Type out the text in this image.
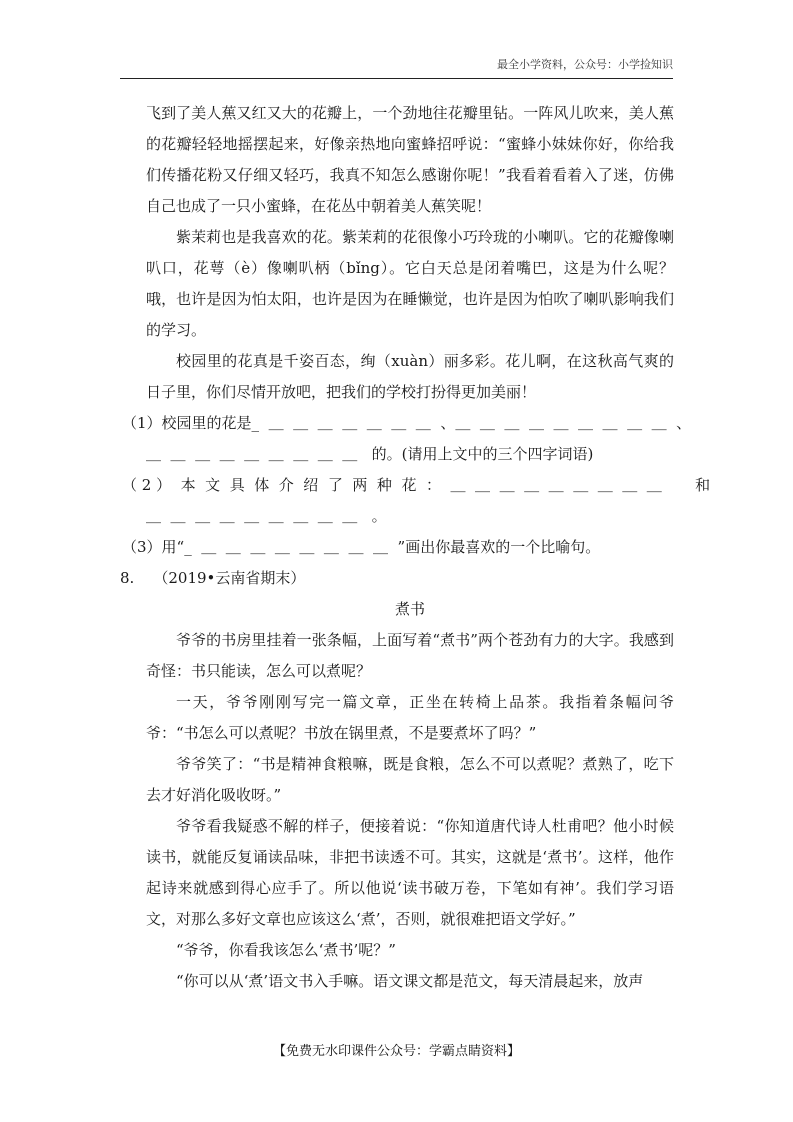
最全小学资料，公众号：小学捡知识

飞到了美人蕉又红又大的花瓣上，一个劲地往花瓣里钻。一阵风儿吹来，美人蕉的花瓣轻轻地摇摆起来，好像亲热地向蜜蜂招呼说：“蜜蜂小妹妹你好，你给我们传播花粉又仔细又轻巧，我真不知怎么感谢你呢！”我看着看着入了迷，仿佛自己也成了一只小蜜蜂，在花丛中朝着美人蕉笑呢！

紫茉莉也是我喜欢的花。紫茉莉的花很像小巧玲珑的小喇叭。它的花瓣像喇叭口，花萼（è）像喇叭柄（bǐng）。它白天总是闭着嘴巴，这是为什么呢？哦，也许是因为怕太阳，也许是因为在睡懒觉，也许是因为怕吹了喇叭影响我们的学习。

校园里的花真是千姿百态，绚（xuàn）丽多彩。花儿啊，在这秋高气爽的日子里，你们尽情开放吧，把我们的学校打扮得更加美丽！

（1）校园里的花是_  ＿  ＿  ＿  ＿  ＿  ＿  ＿  、＿  ＿  ＿  ＿  ＿  ＿  ＿  ＿  ＿  、

＿  ＿  ＿  ＿  ＿  ＿  ＿  ＿  ＿   的。(请用上文中的三个四字词语)

（ 2 ）  本  文  具  体  介  绍  了  两  种  花  ：  ＿  ＿  ＿  ＿  ＿  ＿  ＿  ＿  ＿       和

＿  ＿  ＿  ＿  ＿  ＿  ＿  ＿  ＿   。

（3）用“_  ＿  ＿  ＿  ＿  ＿  ＿  ＿  ＿  ”画出你最喜欢的一个比喻句。

8.    （2019•云南省期末）

煮书

爷爷的书房里挂着一张条幅，上面写着“煮书”两个苍劲有力的大字。我感到奇怪：书只能读，怎么可以煮呢？

一天，爷爷刚刚写完一篇文章，正坐在转椅上品茶。我指着条幅问爷爷：“书怎么可以煮呢？书放在锅里煮，不是要煮坏了吗？”

爷爷笑了：“书是精神食粮嘛，既是食粮，怎么不可以煮呢？煮熟了，吃下去才好消化吸收呀。”

爷爷看我疑惑不解的样子，便接着说：“你知道唐代诗人杜甫吧？他小时候读书，就能反复诵读品味，非把书读透不可。其实，这就是‘煮书’。这样，他作起诗来就感到得心应手了。所以他说‘读书破万卷，下笔如有神’。我们学习语文，对那么多好文章也应该这么‘煮’，否则，就很难把语文学好。”

“爷爷，你看我该怎么‘煮书’呢？”

“你可以从‘煮’语文书入手嘛。语文课文都是范文，每天清晨起来，放声

【免费无水印课件公众号：学霸点睛资料】
